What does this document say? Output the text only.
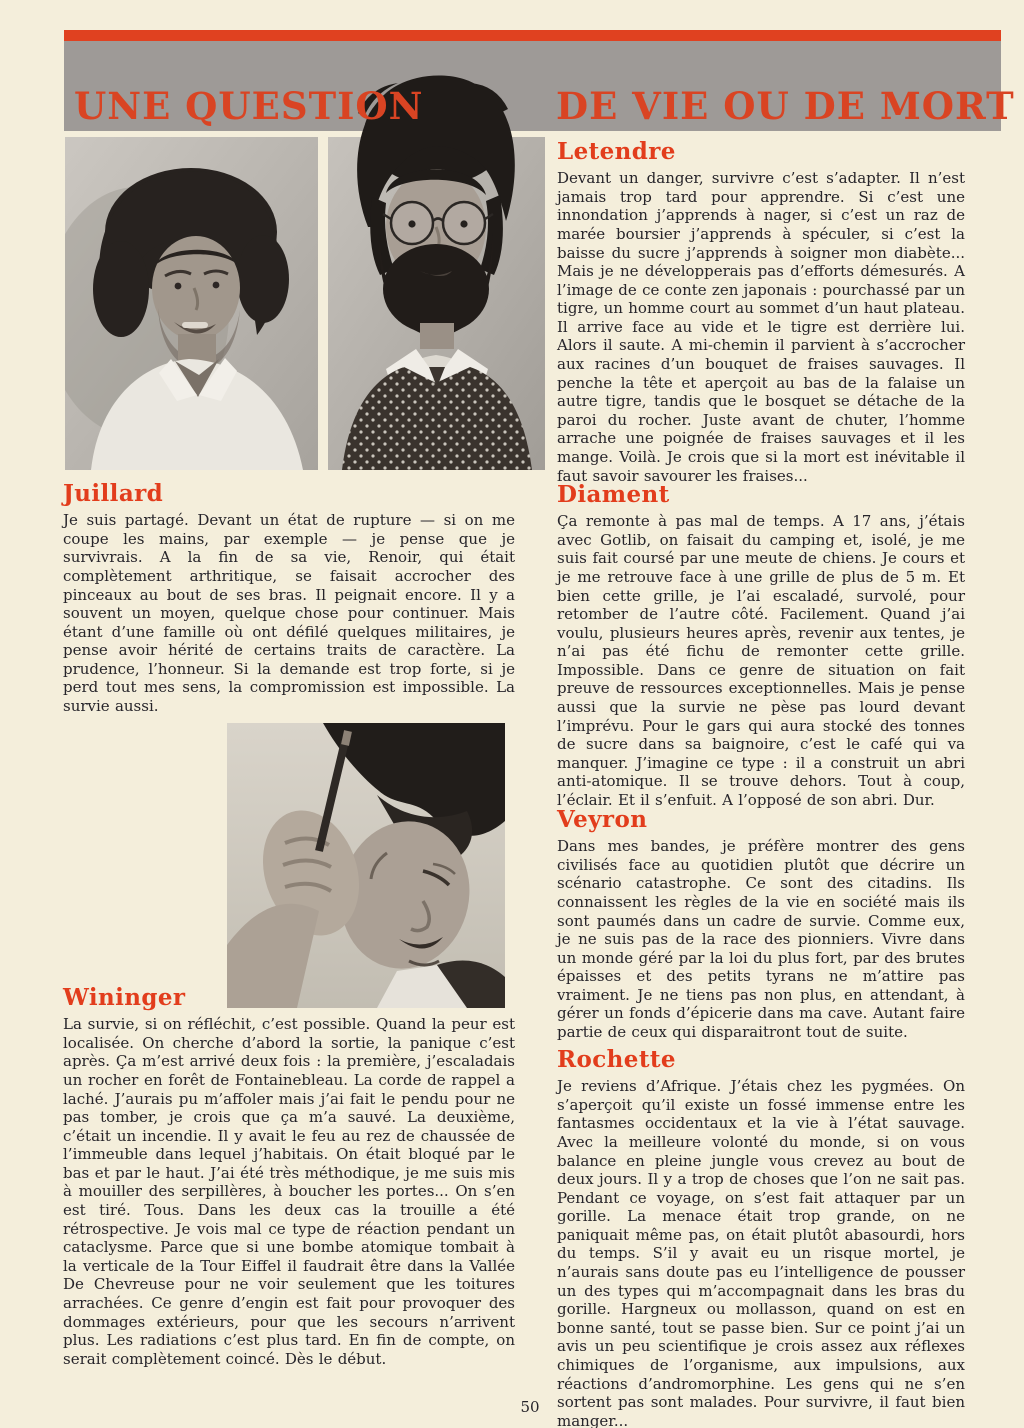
UNE QUESTION	DE VIE OU DE MORT
Letendre

Devant un danger, survivre c’est s’adapter. Il n’est jamais trop tard pour apprendre. Si c’est une innondation j’apprends à nager, si c’est un raz de marée boursier j’apprends à spéculer, si c’est la baisse du sucre j’apprends à soigner mon diabète... Mais je ne développerais pas d’efforts démesurés. A l’image de ce conte zen japonais : pourchassé par un tigre, un homme court au sommet d’un haut plateau. Il arrive face au vide et le tigre est derrière lui. Alors il saute. A mi-chemin il parvient à s’accrocher aux racines d’un bouquet de fraises sauvages. Il penche la tête et aperçoit au bas de la falaise un autre tigre, tandis que le bosquet se détache de la paroi du rocher. Juste avant de chuter, l’homme arrache une poignée de fraises sauvages et il les mange. Voilà. Je crois que si la mort est inévitable il faut savoir savourer les fraises...

Diament

Ça remonte à pas mal de temps. A 17 ans, j’étais avec Gotlib, on faisait du camping et, isolé, je me suis fait coursé par une meute de chiens. Je cours et je me retrouve face à une grille de plus de 5 m. Et bien cette grille, je l’ai escaladé, survolé, pour retomber de l’autre côté. Facilement. Quand j’ai voulu, plusieurs heures après, revenir aux tentes, je n’ai pas été fichu de remonter cette grille. Impossible. Dans ce genre de situation on fait preuve de ressources exceptionnelles. Mais je pense aussi que la survie ne pèse pas lourd devant l’imprévu. Pour le gars qui aura stocké des tonnes de sucre dans sa baignoire, c’est le café qui va manquer. J’imagine ce type : il a construit un abri anti-atomique. Il se trouve dehors. Tout à coup, l’éclair. Et il s’enfuit. A l’opposé de son abri. Dur.

Veyron

Dans mes bandes, je préfère montrer des gens civilisés face au quotidien plutôt que décrire un scénario catastrophe. Ce sont des citadins. Ils connaissent les règles de la vie en société mais ils sont paumés dans un cadre de survie. Comme eux, je ne suis pas de la race des pionniers. Vivre dans un monde géré par la loi du plus fort, par des brutes épaisses et des petits tyrans ne m’attire pas vraiment. Je ne tiens pas non plus, en attendant, à gérer un fonds d’épicerie dans ma cave. Autant faire partie de ceux qui disparaitront tout de suite.

Rochette

Je reviens d’Afrique. J’étais chez les pygmées. On s’aperçoit qu’il existe un fossé immense entre les fantasmes occidentaux et la vie à l’état sauvage. Avec la meilleure volonté du monde, si on vous balance en pleine jungle vous crevez au bout de deux jours. Il y a trop de choses que l’on ne sait pas. Pendant ce voyage, on s’est fait attaquer par un gorille. La menace était trop grande, on ne paniquait même pas, on était plutôt abasourdi, hors du temps. S’il y avait eu un risque mortel, je n’aurais sans doute pas eu l’intelligence de pousser un des types qui m’accompagnait dans les bras du gorille. Hargneux ou mollasson, quand on est en bonne santé, tout se passe bien. Sur ce point j’ai un avis un peu scientifique je crois assez aux réflexes chimiques de l’organisme, aux impulsions, aux réactions d’andromorphine. Les gens qui ne s’en sortent pas sont malades. Pour survivre, il faut bien manger...

Juillard

Je suis partagé. Devant un état de rupture — si on me coupe les mains, par exemple — je pense que je survivrais. A la fin de sa vie, Renoir, qui était complètement arthritique, se faisait accrocher des pinceaux au bout de ses bras. Il peignait encore. Il y a souvent un moyen, quelque chose pour continuer. Mais étant d’une famille où ont défilé quelques militaires, je pense avoir hérité de certains traits de caractère. La prudence, l’honneur. Si la demande est trop forte, si je perd tout mes sens, la compromission est impossible. La survie aussi.

Wininger

La survie, si on réfléchit, c’est possible. Quand la peur est localisée. On cherche d’abord la sortie, la panique c’est après. Ça m’est arrivé deux fois : la première, j’escaladais un rocher en forêt de Fontainebleau. La corde de rappel a laché. J’aurais pu m’affoler mais j’ai fait le pendu pour ne pas tomber, je crois que ça m’a sauvé. La deuxième, c’était un incendie. Il y avait le feu au rez de chaussée de l’immeuble dans lequel j’habitais. On était bloqué par le bas et par le haut. J’ai été très méthodique, je me suis mis à mouiller des serpillères, à boucher les portes... On s’en est tiré. Tous. Dans les deux cas la trouille a été rétrospective. Je vois mal ce type de réaction pendant un cataclysme. Parce que si une bombe atomique tombait à la verticale de la Tour Eiffel il faudrait être dans la Vallée De Chevreuse pour ne voir seulement que les toitures arrachées. Ce genre d’engin est fait pour provoquer des dommages extérieurs, pour que les secours n’arrivent plus. Les radiations c’est plus tard. En fin de compte, on serait complètement coincé. Dès le début.

50
